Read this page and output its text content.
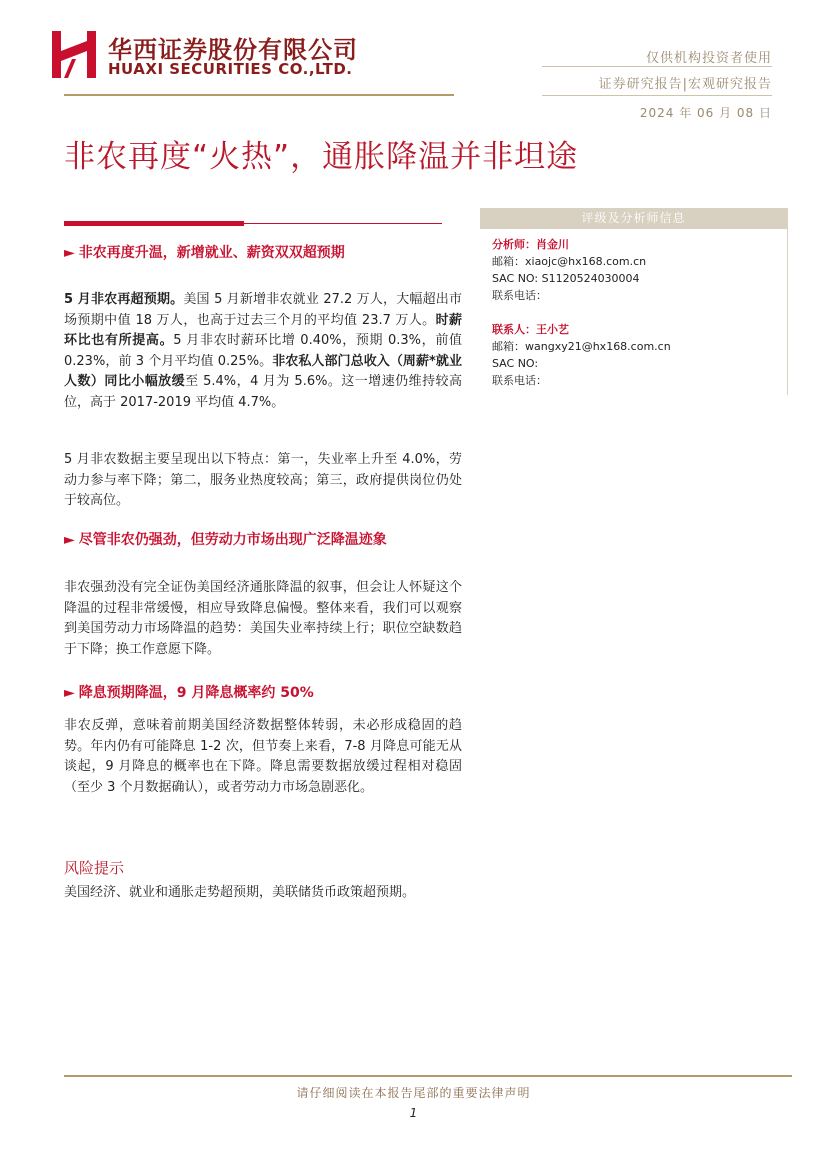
华西证券股份有限公司
HUAXI SECURITIES CO.,LTD.
仅供机构投资者使用
证券研究报告|宏观研究报告
2024 年 06 月 08 日
非农再度“火热”，通胀降温并非坦途
► 非农再度升温，新增就业、薪资双双超预期
5 月非农再超预期。美国 5 月新增非农就业 27.2 万人，大幅超出市场预期中值 18 万人，也高于过去三个月的平均值 23.7 万人。时薪环比也有所提高。5 月非农时薪环比增 0.40%，预期 0.3%，前值 0.23%，前 3 个月平均值 0.25%。非农私人部门总收入（周薪*就业人数）同比小幅放缓至 5.4%，4 月为 5.6%。这一增速仍维持较高位，高于 2017-2019 平均值 4.7%。
5 月非农数据主要呈现出以下特点：第一，失业率上升至 4.0%，劳动力参与率下降；第二，服务业热度较高；第三，政府提供岗位仍处于较高位。
► 尽管非农仍强劲，但劳动力市场出现广泛降温迹象
非农强劲没有完全证伪美国经济通胀降温的叙事，但会让人怀疑这个降温的过程非常缓慢，相应导致降息偏慢。整体来看，我们可以观察到美国劳动力市场降温的趋势：美国失业率持续上行；职位空缺数趋于下降；换工作意愿下降。
► 降息预期降温，9 月降息概率约 50%
非农反弹，意味着前期美国经济数据整体转弱，未必形成稳固的趋势。年内仍有可能降息 1-2 次，但节奏上来看，7-8 月降息可能无从谈起，9 月降息的概率也在下降。降息需要数据放缓过程相对稳固（至少 3 个月数据确认），或者劳动力市场急剧恶化。
风险提示
美国经济、就业和通胀走势超预期，美联储货币政策超预期。
评级及分析师信息
分析师：肖金川
邮箱：xiaojc@hx168.com.cn
SAC NO: S1120524030004
联系电话：
联系人：王小艺
邮箱：wangxy21@hx168.com.cn
SAC NO:
联系电话：
请仔细阅读在本报告尾部的重要法律声明
1
